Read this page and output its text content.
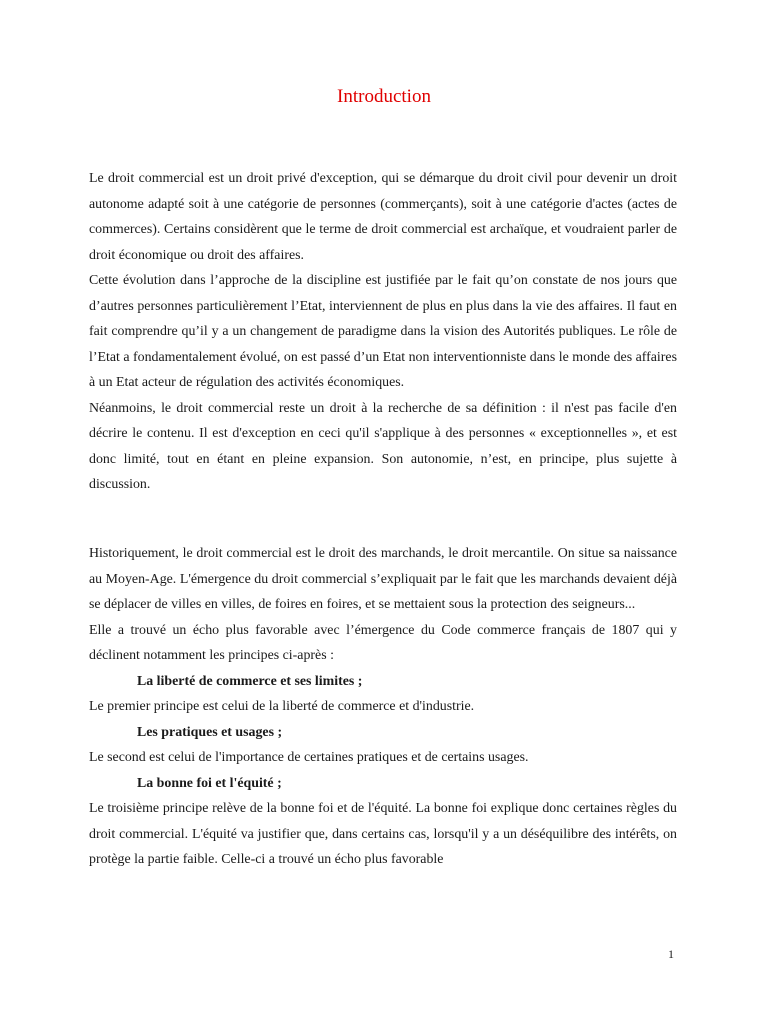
Introduction

Le droit commercial est un droit privé d'exception, qui se démarque du droit civil pour devenir un droit autonome adapté soit à une catégorie de personnes (commerçants), soit à une catégorie d'actes (actes de commerces). Certains considèrent que le terme de droit commercial est archaïque, et voudraient parler de droit économique ou droit des affaires.

Cette évolution dans l’approche de la discipline est justifiée par le fait qu’on constate de nos jours que d’autres personnes particulièrement l’Etat, interviennent de plus en plus dans la vie des affaires. Il faut en fait comprendre qu’il y a un changement de paradigme dans la vision des Autorités publiques. Le rôle de l’Etat a fondamentalement évolué, on est passé d’un Etat non interventionniste dans le monde des affaires à un Etat acteur de régulation des activités économiques.

Néanmoins, le droit commercial reste un droit à la recherche de sa définition : il n'est pas facile d'en décrire le contenu. Il est d'exception en ceci qu'il s'applique à des personnes « exceptionnelles », et est donc limité, tout en étant en pleine expansion. Son autonomie, n’est, en principe, plus sujette à discussion.

Historiquement, le droit commercial est le droit des marchands, le droit mercantile. On situe sa naissance au Moyen-Age. L'émergence du droit commercial s’expliquait par le fait que les marchands devaient déjà se déplacer de villes en villes, de foires en foires, et se mettaient sous la protection des seigneurs...

Elle a trouvé un écho plus favorable avec l’émergence du Code commerce français de 1807 qui y déclinent notamment les principes ci-après :

La liberté de commerce et ses limites ;

Le premier principe est celui de la liberté de commerce et d'industrie.

Les pratiques et usages ;

Le second est celui de l'importance de certaines pratiques et de certains usages.

La bonne foi et l'équité ;

Le troisième principe relève de la bonne foi et de l'équité. La bonne foi explique donc certaines règles du droit commercial. L'équité va justifier que, dans certains cas, lorsqu'il y a un déséquilibre des intérêts, on protège la partie faible. Celle-ci a trouvé un écho plus favorable

1
